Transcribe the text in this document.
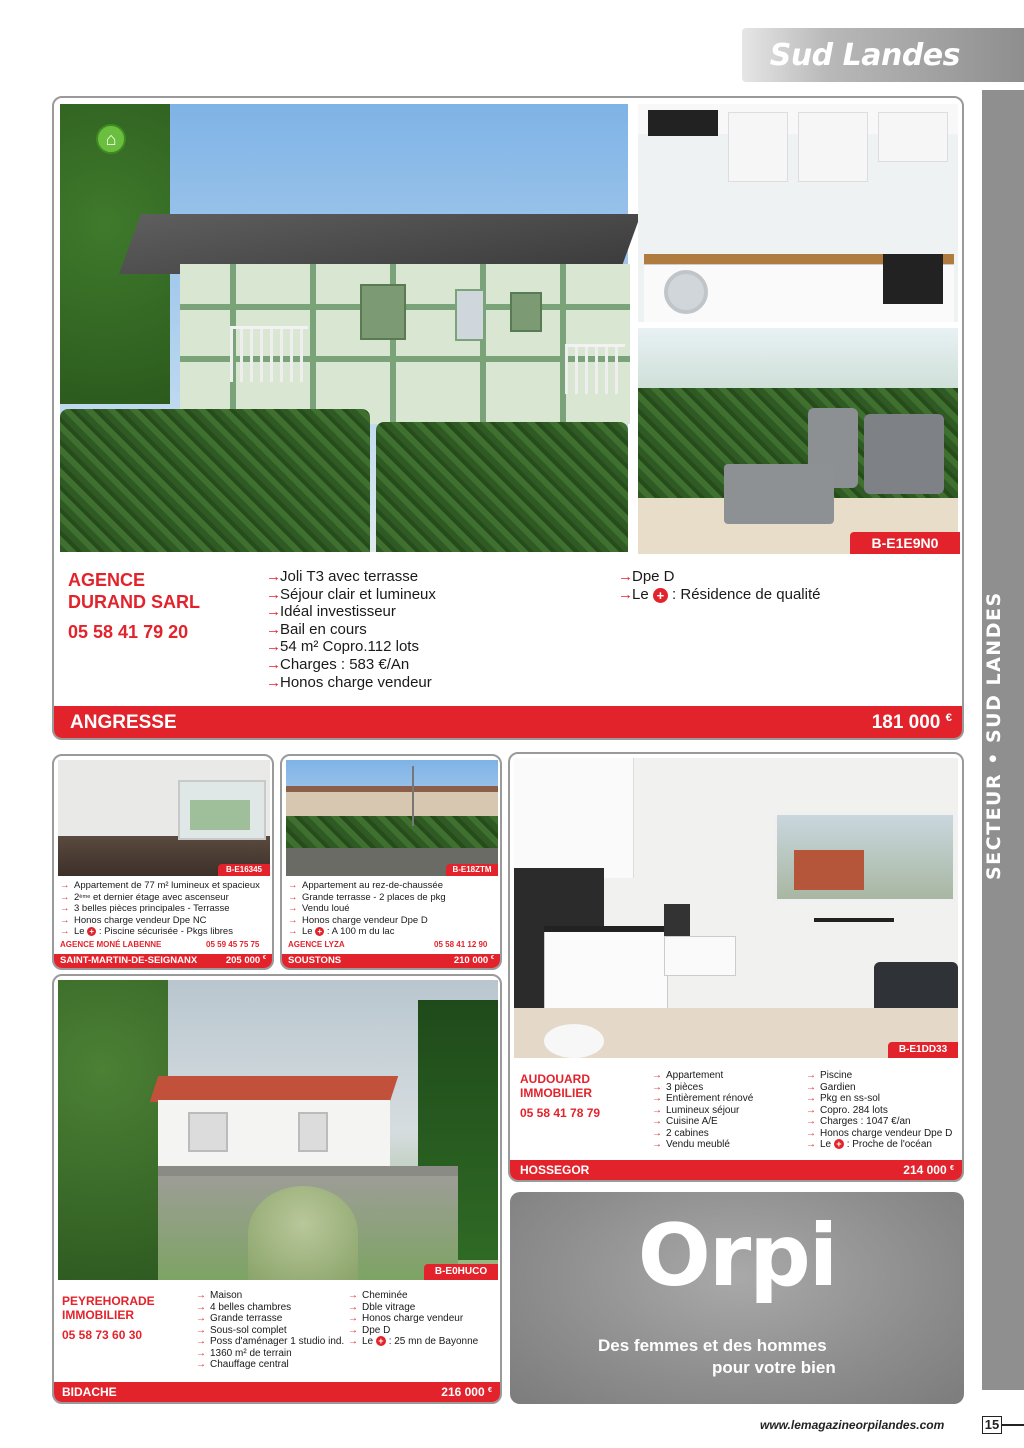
Sud Landes
SECTEUR • SUD LANDES
⌂
B-E1E9N0
AGENCE
DURAND SARL
05 58 41 79 20
→ Joli T3 avec terrasse
→ Séjour clair et lumineux
→ Idéal investisseur
→ Bail en cours
→ 54 m² Copro.112 lots
→ Charges : 583 €/An
→ Honos charge vendeur
→ Dpe D
→ Le + : Résidence de qualité
ANGRESSE	181 000 €
B-E16345
→ Appartement de 77 m² lumineux et spacieux
→ 2ème et dernier étage avec ascenseur
→ 3 belles pièces principales - Terrasse
→ Honos charge vendeur Dpe NC
→ Le + : Piscine sécurisée - Pkgs libres
AGENCE MONÉ LABENNE	05 59 45 75 75
SAINT-MARTIN-DE-SEIGNANX	205 000 €
B-E18ZTM
→ Appartement au rez-de-chaussée
→ Grande terrasse - 2 places de pkg
→ Vendu loué
→ Honos charge vendeur Dpe D
→ Le + : A 100 m du lac
AGENCE LYZA	05 58 41 12 90
SOUSTONS	210 000 €
B-E1DD33
AUDOUARD
IMMOBILIER
05 58 41 78 79
→ Appartement
→ 3 pièces
→ Entièrement rénové
→ Lumineux séjour
→ Cuisine A/E
→ 2 cabines
→ Vendu meublé
→ Piscine
→ Gardien
→ Pkg en ss-sol
→ Copro. 284 lots
→ Charges : 1047 €/an
→ Honos charge vendeur Dpe D
→ Le + : Proche de l'océan
HOSSEGOR	214 000 €
B-E0HUCO
PEYREHORADE
IMMOBILIER
05 58 73 60 30
→ Maison
→ 4 belles chambres
→ Grande terrasse
→ Sous-sol complet
→ Poss d'aménager 1 studio ind.
→ 1360 m² de terrain
→ Chauffage central
→ Cheminée
→ Dble vitrage
→ Honos charge vendeur
→ Dpe D
→ Le + : 25 mn de Bayonne
BIDACHE	216 000 €
Orpi
Des femmes et des hommes
pour votre bien
www.lemagazineorpilandes.com	15
